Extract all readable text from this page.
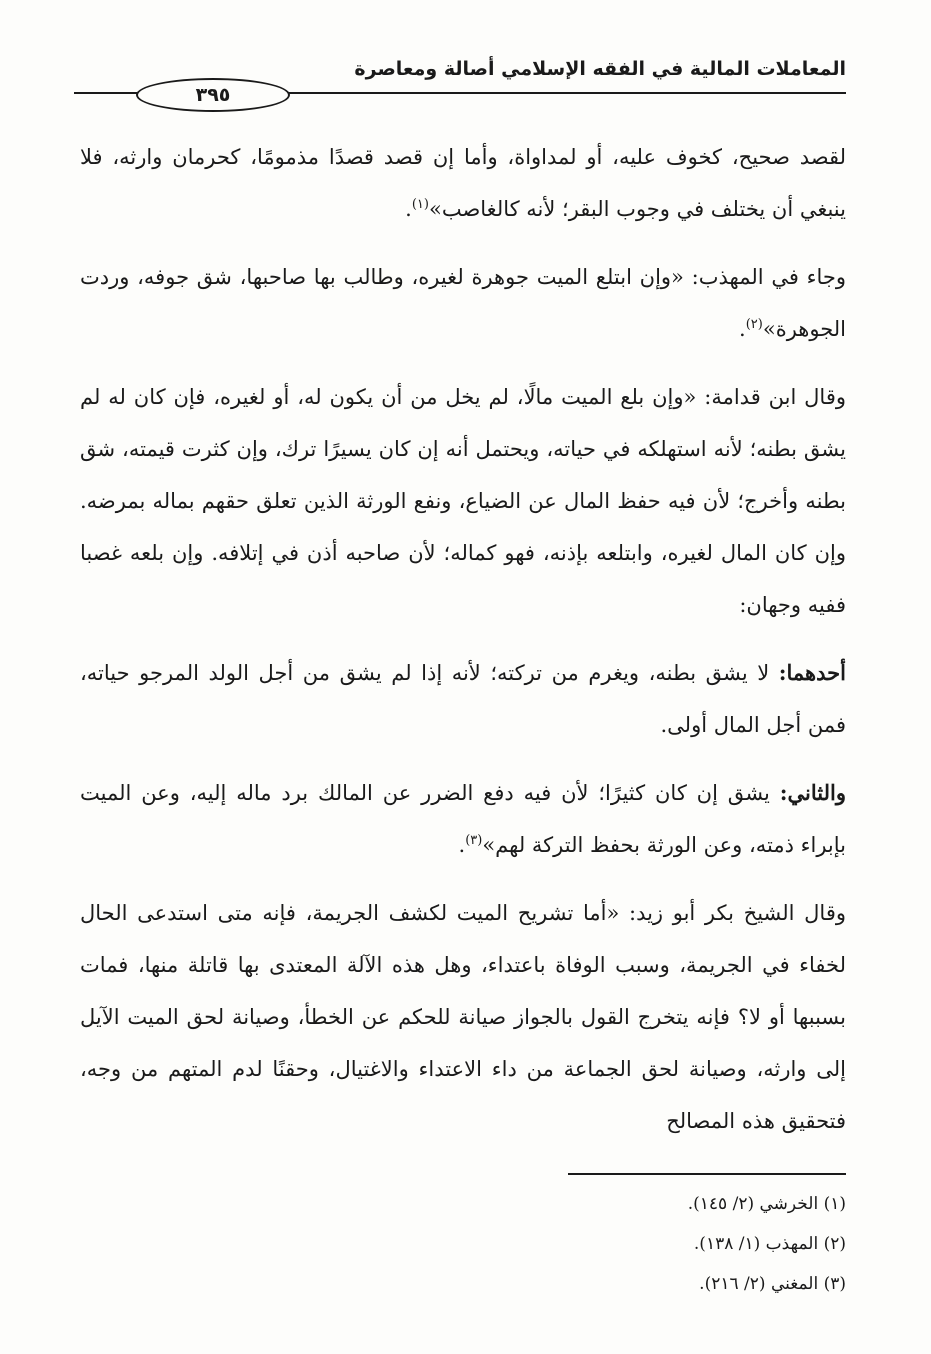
المعاملات المالية في الفقه الإسلامي أصالة ومعاصرة
٣٩٥

لقصد صحيح، كخوف عليه، أو لمداواة، وأما إن قصد قصدًا مذمومًا، كحرمان وارثه، فلا ينبغي أن يختلف في وجوب البقر؛ لأنه كالغاصب»$^{(١)}$.

وجاء في المهذب: «وإن ابتلع الميت جوهرة لغيره، وطالب بها صاحبها، شق جوفه، وردت الجوهرة»$^{(٢)}$.

وقال ابن قدامة: «وإن بلع الميت مالًا، لم يخل من أن يكون له، أو لغيره، فإن كان له لم يشق بطنه؛ لأنه استهلكه في حياته، ويحتمل أنه إن كان يسيرًا ترك، وإن كثرت قيمته، شق بطنه وأخرج؛ لأن فيه حفظ المال عن الضياع، ونفع الورثة الذين تعلق حقهم بماله بمرضه. وإن كان المال لغيره، وابتلعه بإذنه، فهو كماله؛ لأن صاحبه أذن في إتلافه. وإن بلعه غصبا ففيه وجهان:

أحدهما: لا يشق بطنه، ويغرم من تركته؛ لأنه إذا لم يشق من أجل الولد المرجو حياته، فمن أجل المال أولى.

والثاني: يشق إن كان كثيرًا؛ لأن فيه دفع الضرر عن المالك برد ماله إليه، وعن الميت بإبراء ذمته، وعن الورثة بحفظ التركة لهم»$^{(٣)}$.

وقال الشيخ بكر أبو زيد: «أما تشريح الميت لكشف الجريمة، فإنه متى استدعى الحال لخفاء في الجريمة، وسبب الوفاة باعتداء، وهل هذه الآلة المعتدى بها قاتلة منها، فمات بسببها أو لا؟ فإنه يتخرج القول بالجواز صيانة للحكم عن الخطأ، وصيانة لحق الميت الآيل إلى وارثه، وصيانة لحق الجماعة من داء الاعتداء والاغتيال، وحقنًا لدم المتهم من وجه، فتحقيق هذه المصالح

(١) الخرشي (٢/ ١٤٥).
(٢) المهذب (١/ ١٣٨).
(٣) المغني (٢/ ٢١٦).
